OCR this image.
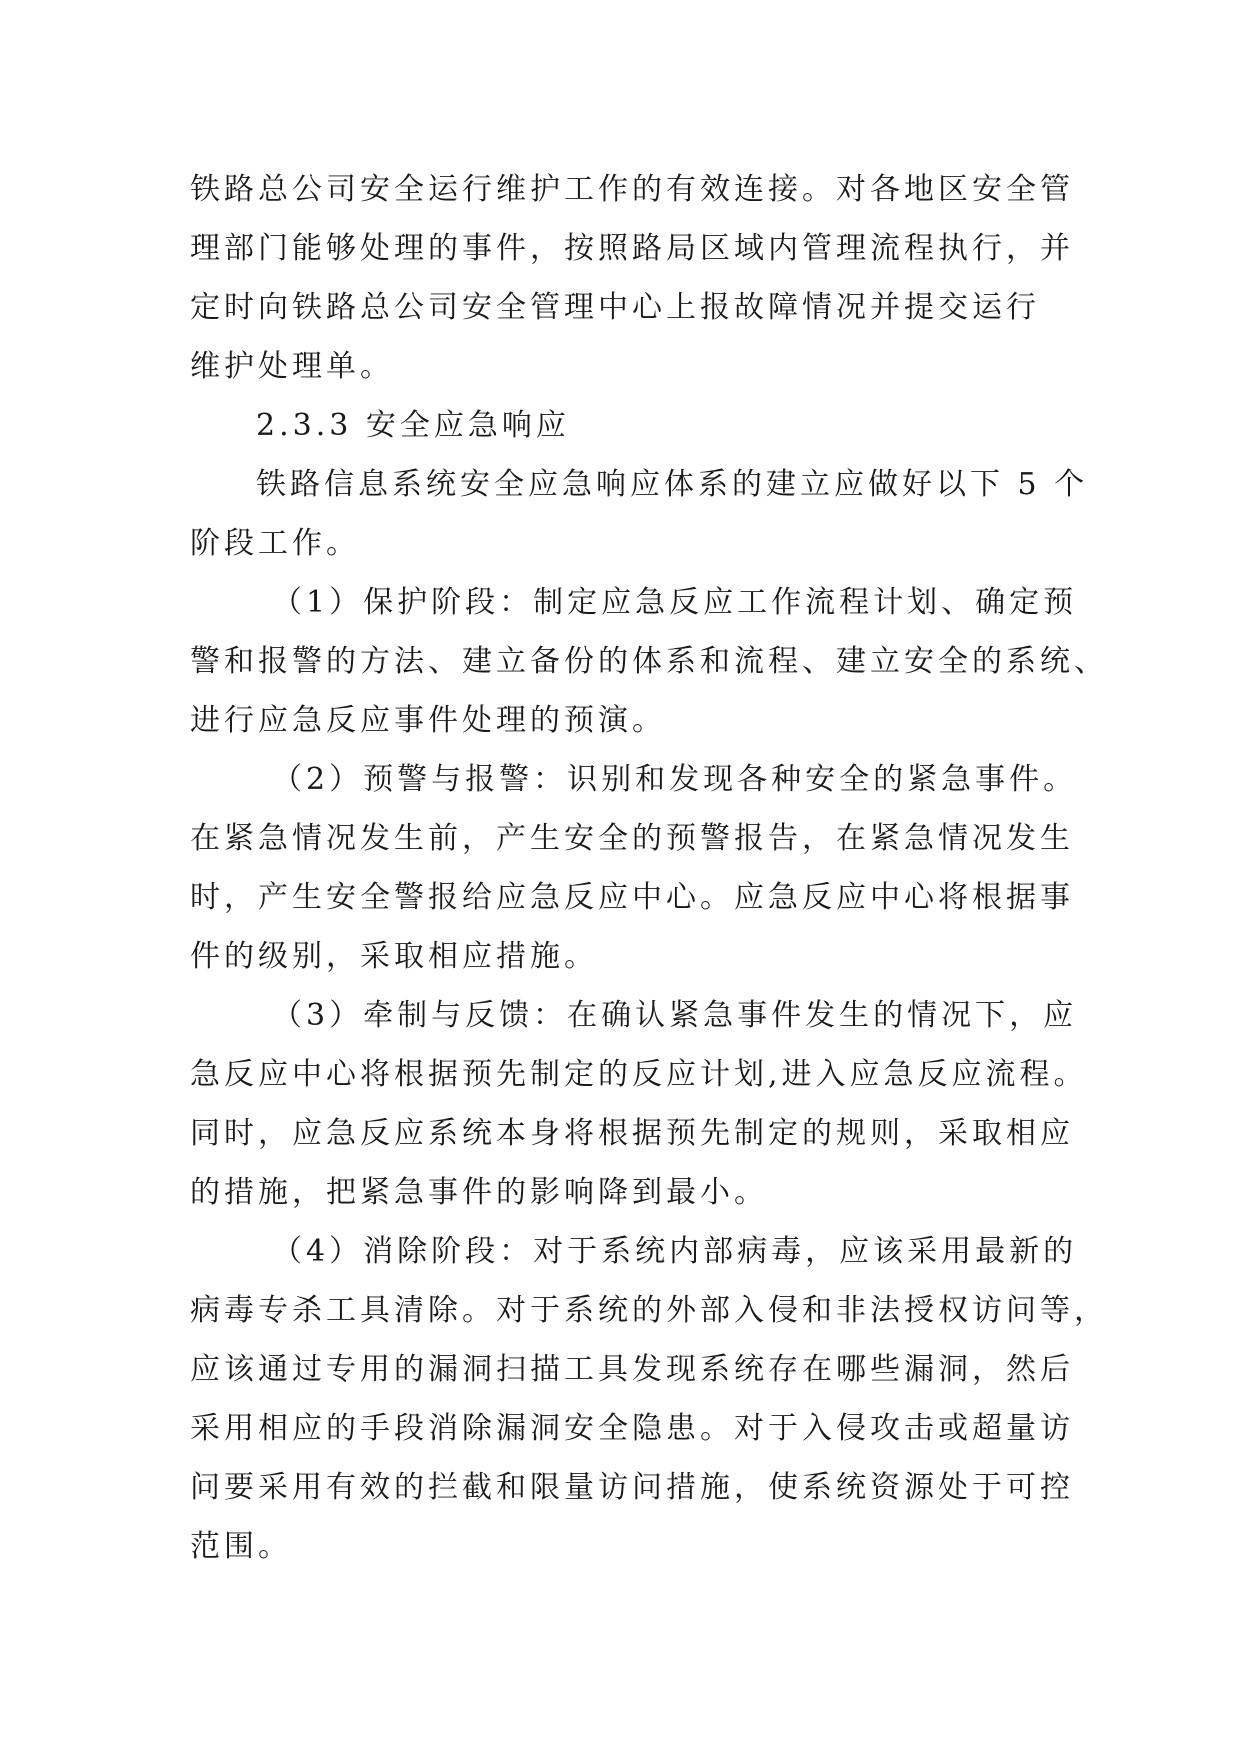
铁路总公司安全运行维护工作的有效连接。对各地区安全管
理部门能够处理的事件，按照路局区域内管理流程执行，并
定时向铁路总公司安全管理中心上报故障情况并提交运行
维护处理单。
2.3.3 安全应急响应
铁路信息系统安全应急响应体系的建立应做好以下 5 个
阶段工作。
（1）保护阶段：制定应急反应工作流程计划、确定预
警和报警的方法、建立备份的体系和流程、建立安全的系统、
进行应急反应事件处理的预演。
（2）预警与报警：识别和发现各种安全的紧急事件。
在紧急情况发生前，产生安全的预警报告，在紧急情况发生
时，产生安全警报给应急反应中心。应急反应中心将根据事
件的级别，采取相应措施。
（3）牵制与反馈：在确认紧急事件发生的情况下，应
急反应中心将根据预先制定的反应计划,进入应急反应流程。
同时，应急反应系统本身将根据预先制定的规则，采取相应
的措施，把紧急事件的影响降到最小。
（4）消除阶段：对于系统内部病毒，应该采用最新的
病毒专杀工具清除。对于系统的外部入侵和非法授权访问等，
应该通过专用的漏洞扫描工具发现系统存在哪些漏洞，然后
采用相应的手段消除漏洞安全隐患。对于入侵攻击或超量访
问要采用有效的拦截和限量访问措施，使系统资源处于可控
范围。
